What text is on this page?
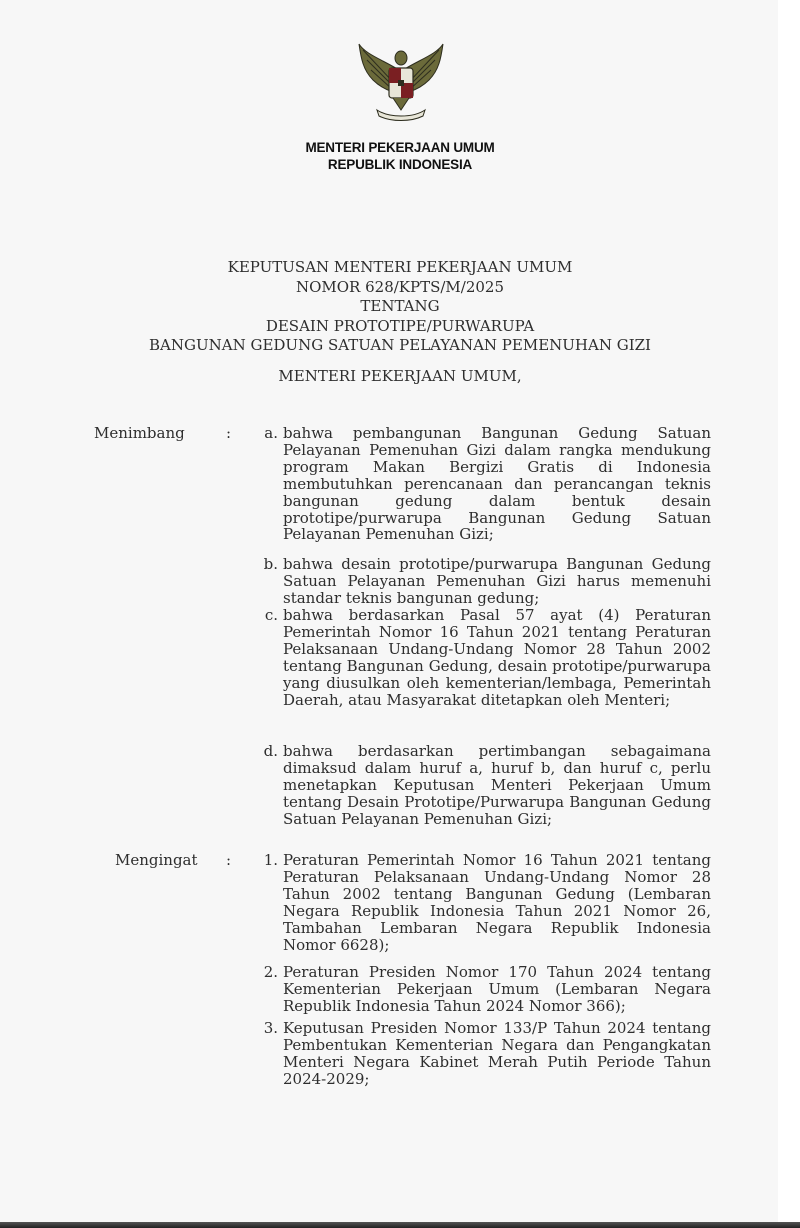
MENTERI PEKERJAAN UMUM
REPUBLIK INDONESIA
KEPUTUSAN MENTERI PEKERJAAN UMUM
NOMOR 628/KPTS/M/2025
TENTANG
DESAIN PROTOTIPE/PURWARUPA
BANGUNAN GEDUNG SATUAN PELAYANAN PEMENUHAN GIZI
MENTERI PEKERJAAN UMUM,
Menimbang	:	a. bahwa pembangunan Bangunan Gedung Satuan Pelayanan Pemenuhan Gizi dalam rangka mendukung program Makan Bergizi Gratis di Indonesia membutuhkan perencanaan dan perancangan teknis bangunan gedung dalam bentuk desain prototipe/purwarupa Bangunan Gedung Satuan Pelayanan Pemenuhan Gizi;
b. bahwa desain prototipe/purwarupa Bangunan Gedung Satuan Pelayanan Pemenuhan Gizi harus memenuhi standar teknis bangunan gedung;
c. bahwa berdasarkan Pasal 57 ayat (4) Peraturan Pemerintah Nomor 16 Tahun 2021 tentang Peraturan Pelaksanaan Undang-Undang Nomor 28 Tahun 2002 tentang Bangunan Gedung, desain prototipe/purwarupa yang diusulkan oleh kementerian/lembaga, Pemerintah Daerah, atau Masyarakat ditetapkan oleh Menteri;
d. bahwa berdasarkan pertimbangan sebagaimana dimaksud dalam huruf a, huruf b, dan huruf c, perlu menetapkan Keputusan Menteri Pekerjaan Umum tentang Desain Prototipe/Purwarupa Bangunan Gedung Satuan Pelayanan Pemenuhan Gizi;
Mengingat :	1. Peraturan Pemerintah Nomor 16 Tahun 2021 tentang Peraturan Pelaksanaan Undang-Undang Nomor 28 Tahun 2002 tentang Bangunan Gedung (Lembaran Negara Republik Indonesia Tahun 2021 Nomor 26, Tambahan Lembaran Negara Republik Indonesia Nomor 6628);
2. Peraturan Presiden Nomor 170 Tahun 2024 tentang Kementerian Pekerjaan Umum (Lembaran Negara Republik Indonesia Tahun 2024 Nomor 366);
3. Keputusan Presiden Nomor 133/P Tahun 2024 tentang Pembentukan Kementerian Negara dan Pengangkatan Menteri Negara Kabinet Merah Putih Periode Tahun 2024-2029;
